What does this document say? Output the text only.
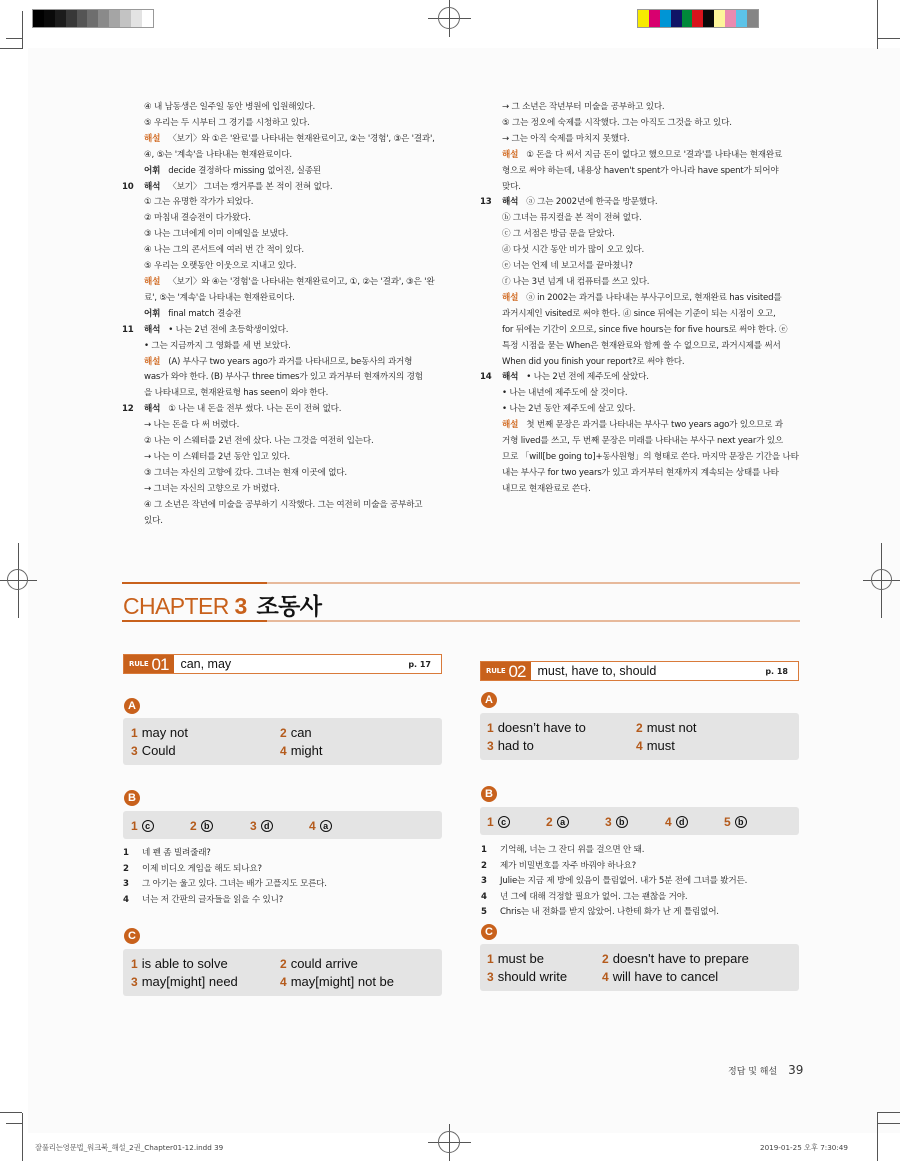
④ 내 남동생은 일주일 동안 병원에 입원해있다.
⑤ 우리는 두 시부터 그 경기를 시청하고 있다.
해설 〈보기〉와 ①은 '완료'를 나타내는 현재완료이고, ②는 '경험', ③은 '결과',
④, ⑤는 '계속'을 나타내는 현재완료이다.
어휘 decide 결정하다 missing 없어진, 실종된
10	해석 〈보기〉 그녀는 캥거루를 본 적이 전혀 없다.
① 그는 유명한 작가가 되었다.
② 마침내 결승전이 다가왔다.
③ 나는 그녀에게 이미 이메일을 보냈다.
④ 나는 그의 콘서트에 여러 번 간 적이 있다.
⑤ 우리는 오랫동안 이웃으로 지내고 있다.
해설 〈보기〉와 ④는 '경험'을 나타내는 현재완료이고, ①, ②는 '결과', ③은 '완
료', ⑤는 '계속'을 나타내는 현재완료이다.
어휘 final match 결승전
11	해석 • 나는 2년 전에 초등학생이었다.
• 그는 지금까지 그 영화를 세 번 보았다.
해설 (A) 부사구 two years ago가 과거를 나타내므로, be동사의 과거형
was가 와야 한다. (B) 부사구 three times가 있고 과거부터 현재까지의 경험
을 나타내므로, 현재완료형 has seen이 와야 한다.
12	해석 ① 나는 내 돈을 전부 썼다. 나는 돈이 전혀 없다.
→ 나는 돈을 다 써 버렸다.
② 나는 이 스웨터를 2년 전에 샀다. 나는 그것을 여전히 입는다.
→ 나는 이 스웨터를 2년 동안 입고 있다.
③ 그녀는 자신의 고향에 갔다. 그녀는 현재 이곳에 없다.
→ 그녀는 자신의 고향으로 가 버렸다.
④ 그 소년은 작년에 미술을 공부하기 시작했다. 그는 여전히 미술을 공부하고
있다.
→ 그 소년은 작년부터 미술을 공부하고 있다.
⑤ 그는 정오에 숙제를 시작했다. 그는 아직도 그것을 하고 있다.
→ 그는 아직 숙제를 마치지 못했다.
해설 ① 돈을 다 써서 지금 돈이 없다고 했으므로 '결과'를 나타내는 현재완료
형으로 써야 하는데, 내용상 haven't spent가 아니라 have spent가 되어야
맞다.
13	해석 ⓐ 그는 2002년에 한국을 방문했다.
ⓑ 그녀는 뮤지컬을 본 적이 전혀 없다.
ⓒ 그 서점은 방금 문을 닫았다.
ⓓ 다섯 시간 동안 비가 많이 오고 있다.
ⓔ 너는 언제 네 보고서를 끝마쳤니?
ⓕ 나는 3년 넘게 내 컴퓨터를 쓰고 있다.
해설 ⓐ in 2002는 과거를 나타내는 부사구이므로, 현재완료 has visited를
과거시제인 visited로 써야 한다. ⓓ since 뒤에는 기준이 되는 시점이 오고,
for 뒤에는 기간이 오므로, since five hours는 for five hours로 써야 한다. ⓔ
특정 시점을 묻는 When은 현재완료와 함께 쓸 수 없으므로, 과거시제를 써서
When did you finish your report?로 써야 한다.
14	해석 • 나는 2년 전에 제주도에 살았다.
• 나는 내년에 제주도에 살 것이다.
• 나는 2년 동안 제주도에 살고 있다.
해설 첫 번째 문장은 과거를 나타내는 부사구 two years ago가 있으므로 과
거형 lived를 쓰고, 두 번째 문장은 미래를 나타내는 부사구 next year가 있으
므로 「will[be going to]+동사원형」의 형태로 쓴다. 마지막 문장은 기간을 나타
내는 부사구 for two years가 있고 과거부터 현재까지 계속되는 상태를 나타
내므로 현재완료로 쓴다.
CHAPTER 3 조동사
RULE 01 can, may	p. 17
A
1 may not	2 can
3 Could	4 might
B
1 c	2 b	3 d	4 a
1	네 펜 좀 빌려줄래?
2	이제 비디오 게임을 해도 되나요?
3	그 아기는 울고 있다. 그녀는 배가 고플지도 모른다.
4	너는 저 간판의 글자들을 읽을 수 있니?
C
1 is able to solve	2 could arrive
3 may[might] need	4 may[might] not be
RULE 02 must, have to, should	p. 18
A
1 doesn’t have to	2 must not
3 had to	4 must
B
1 c	2 a	3 b	4 d	5 b
1	기억해, 너는 그 잔디 위를 걸으면 안 돼.
2	제가 비밀번호를 자주 바꿔야 하나요?
3	Julie는 지금 제 방에 있음이 틀림없어. 내가 5분 전에 그녀를 봤거든.
4	넌 그에 대해 걱정할 필요가 없어. 그는 괜찮을 거야.
5	Chris는 내 전화를 받지 않았어. 나한테 화가 난 게 틀림없어.
C
1 must be	2 doesn't have to prepare
3 should write	4 will have to cancel
정답 및 해설 39
잘풀리는영문법_워크북_해설_2권_Chapter01-12.indd 39	2019-01-25 오후 7:30:49
